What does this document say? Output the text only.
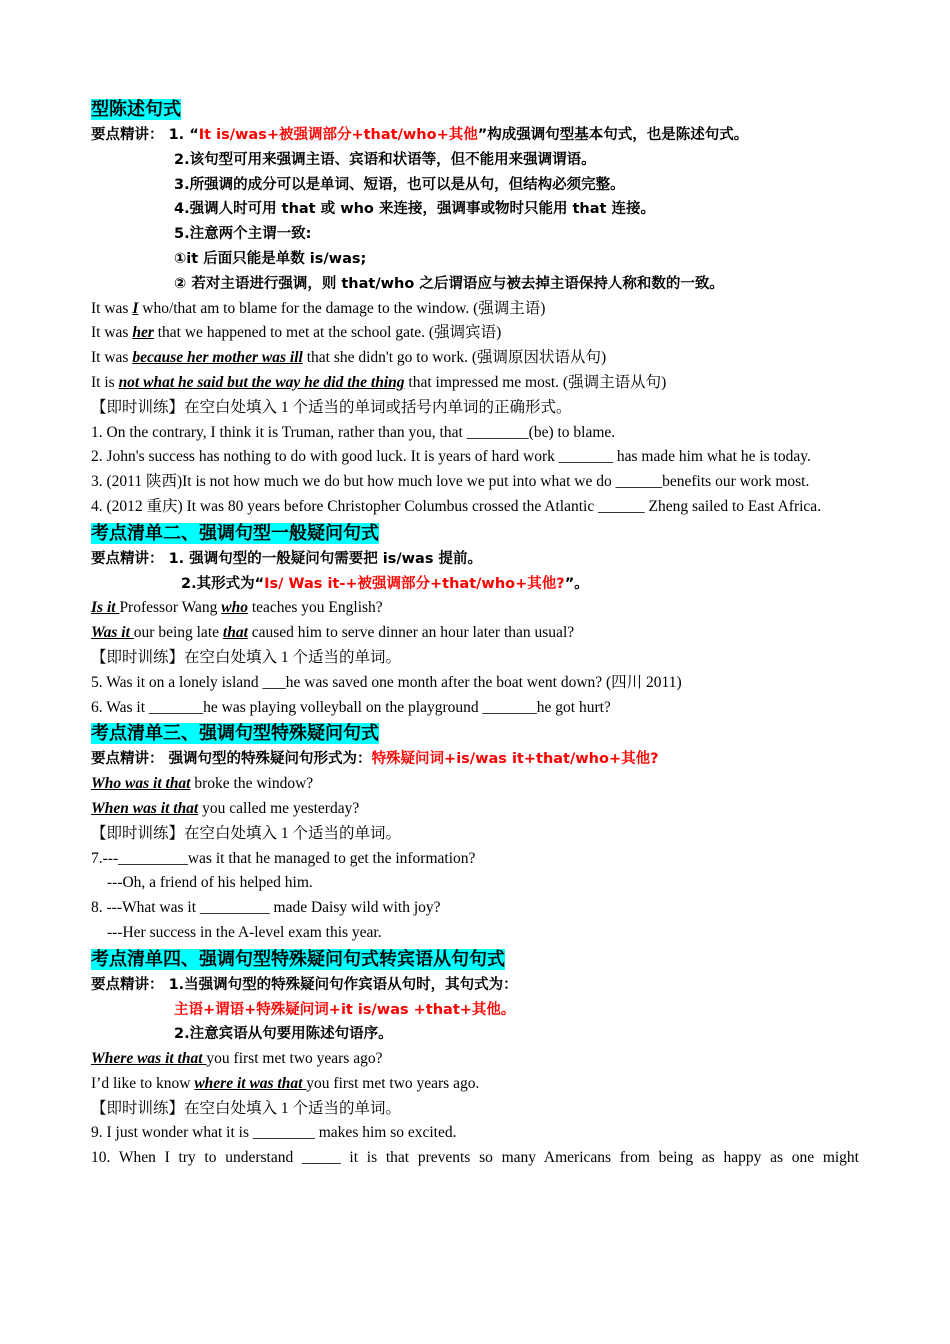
型陈述句式
要点精讲： 1. “It is/was+被强调部分+that/who+其他”构成强调句型基本句式，也是陈述句式。
2.该句型可用来强调主语、宾语和状语等，但不能用来强调谓语。
3.所强调的成分可以是单词、短语，也可以是从句，但结构必须完整。
4.强调人时可用 that 或 who 来连接，强调事或物时只能用 that 连接。
5.注意两个主谓一致:
①it 后面只能是单数 is/was;
② 若对主语进行强调，则 that/who 之后谓语应与被去掉主语保持人称和数的一致。
It was I who/that am to blame for the damage to the window. (强调主语)
It was her that we happened to met at the school gate. (强调宾语)
It was because her mother was ill that she didn't go to work. (强调原因状语从句)
It is not what he said but the way he did the thing that impressed me most. (强调主语从句)
【即时训练】在空白处填入 1 个适当的单词或括号内单词的正确形式。
1. On the contrary, I think it is Truman, rather than you, that ________(be) to blame.
2. John's success has nothing to do with good luck. It is years of hard work _______ has made him what he is today.
3. (2011 陕西)It is not how much we do but how much love we put into what we do ______benefits our work most.
4. (2012 重庆) It was 80 years before Christopher Columbus crossed the Atlantic ______ Zheng sailed to East Africa.
考点清单二、强调句型一般疑问句式
要点精讲： 1. 强调句型的一般疑问句需要把 is/was 提前。
2.其形式为“Is/ Was it-+被强调部分+that/who+其他?”。
Is it Professor Wang who teaches you English?
Was it our being late that caused him to serve dinner an hour later than usual?
【即时训练】在空白处填入 1 个适当的单词。
5. Was it on a lonely island ___he was saved one month after the boat went down? (四川 2011)
6. Was it _______he was playing volleyball on the playground _______he got hurt?
考点清单三、强调句型特殊疑问句式
要点精讲： 强调句型的特殊疑问句形式为：特殊疑问词+is/was it+that/who+其他?
Who was it that broke the window?
When was it that you called me yesterday?
【即时训练】在空白处填入 1 个适当的单词。
7.---_________was it that he managed to get the information?
---Oh, a friend of his helped him.
8. ---What was it _________ made Daisy wild with joy?
---Her success in the A-level exam this year.
考点清单四、强调句型特殊疑问句式转宾语从句句式
要点精讲： 1.当强调句型的特殊疑问句作宾语从句时，其句式为：
主语+谓语+特殊疑问词+it is/was +that+其他。
2.注意宾语从句要用陈述句语序。
Where was it that you first met two years ago?
I’d like to know where it was that you first met two years ago.
【即时训练】在空白处填入 1 个适当的单词。
9. I just wonder what it is ________ makes him so excited.
10. When I try to understand _____ it is that prevents so many Americans from being as happy as one might
